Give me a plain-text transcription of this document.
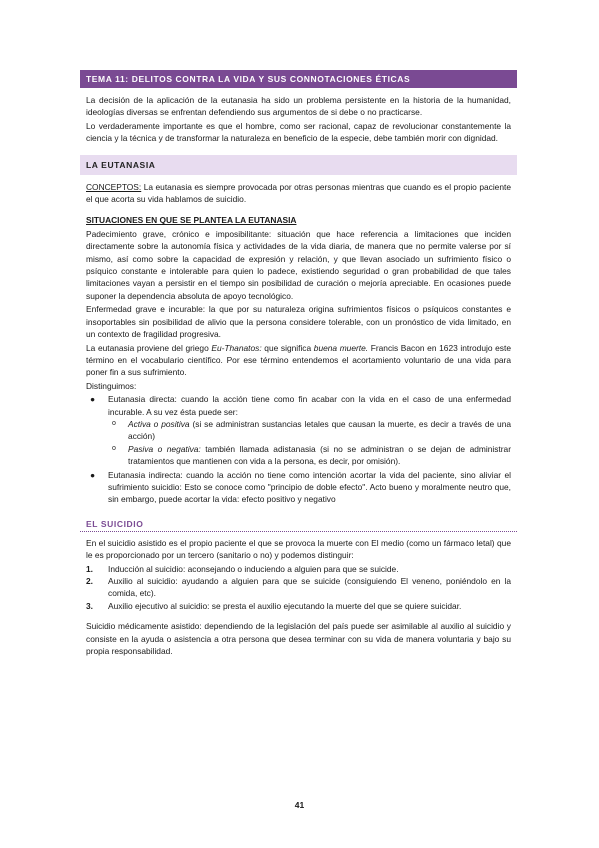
TEMA 11: DELITOS CONTRA LA VIDA Y SUS CONNOTACIONES ÉTICAS

La decisión de la aplicación de la eutanasia ha sido un problema persistente en la historia de la humanidad, ideologías diversas se enfrentan defendiendo sus argumentos de si debe o no practicarse.

Lo verdaderamente importante es que el hombre, como ser racional, capaz de revolucionar constantemente la ciencia y la técnica y de transformar la naturaleza en beneficio de la especie, debe también morir con dignidad.

LA EUTANASIA

CONCEPTOS: La eutanasia es siempre provocada por otras personas mientras que cuando es el propio paciente el que acorta su vida hablamos de suicidio.

SITUACIONES EN QUE SE PLANTEA LA EUTANASIA

Padecimiento grave, crónico e imposibilitante: situación que hace referencia a limitaciones que inciden directamente sobre la autonomía física y actividades de la vida diaria, de manera que no permite valerse por sí mismo, así como sobre la capacidad de expresión y relación, y que llevan asociado un sufrimiento físico o psíquico constante e intolerable para quien lo padece, existiendo seguridad o gran probabilidad de que tales limitaciones vayan a persistir en el tiempo sin posibilidad de curación o mejoría apreciable. En ocasiones puede suponer la dependencia absoluta de apoyo tecnológico.

Enfermedad grave e incurable: la que por su naturaleza origina sufrimientos físicos o psíquicos constantes e insoportables sin posibilidad de alivio que la persona considere tolerable, con un pronóstico de vida limitado, en un contexto de fragilidad progresiva.

La eutanasia proviene del griego Eu-Thanatos: que significa buena muerte. Francis Bacon en 1623 introdujo este término en el vocabulario científico. Por ese término entendemos el acortamiento voluntario de una vida para poner fin a sus sufrimiento.

Distinguimos:

● Eutanasia directa: cuando la acción tiene como fin acabar con la vida en el caso de una enfermedad incurable. A su vez ésta puede ser:
o Activa o positiva (si se administran sustancias letales que causan la muerte, es decir a través de una acción)
o Pasiva o negativa: también llamada adistanasia (si no se administran o se dejan de administrar tratamientos que mantienen con vida a la persona, es decir, por omisión).
● Eutanasia indirecta: cuando la acción no tiene como intención acortar la vida del paciente, sino aliviar el sufrimiento suicidio: Esto se conoce como "principio de doble efecto". Acto bueno y moralmente neutro que, sin embargo, puede acortar la vida: efecto positivo y negativo
EL SUICIDIO

En el suicidio asistido es el propio paciente el que se provoca la muerte con El medio (como un fármaco letal) que le es proporcionado por un tercero (sanitario o no) y podemos distinguir:

1. Inducción al suicidio: aconsejando o induciendo a alguien para que se suicide.
2. Auxilio al suicidio: ayudando a alguien para que se suicide (consiguiendo El veneno, poniéndolo en la comida, etc).
3. Auxilio ejecutivo al suicidio: se presta el auxilio ejecutando la muerte del que se quiere suicidar.

Suicidio médicamente asistido: dependiendo de la legislación del país puede ser asimilable al auxilio al suicidio y consiste en la ayuda o asistencia a otra persona que desea terminar con su vida de manera voluntaria y bajo su propia responsabilidad.

41
